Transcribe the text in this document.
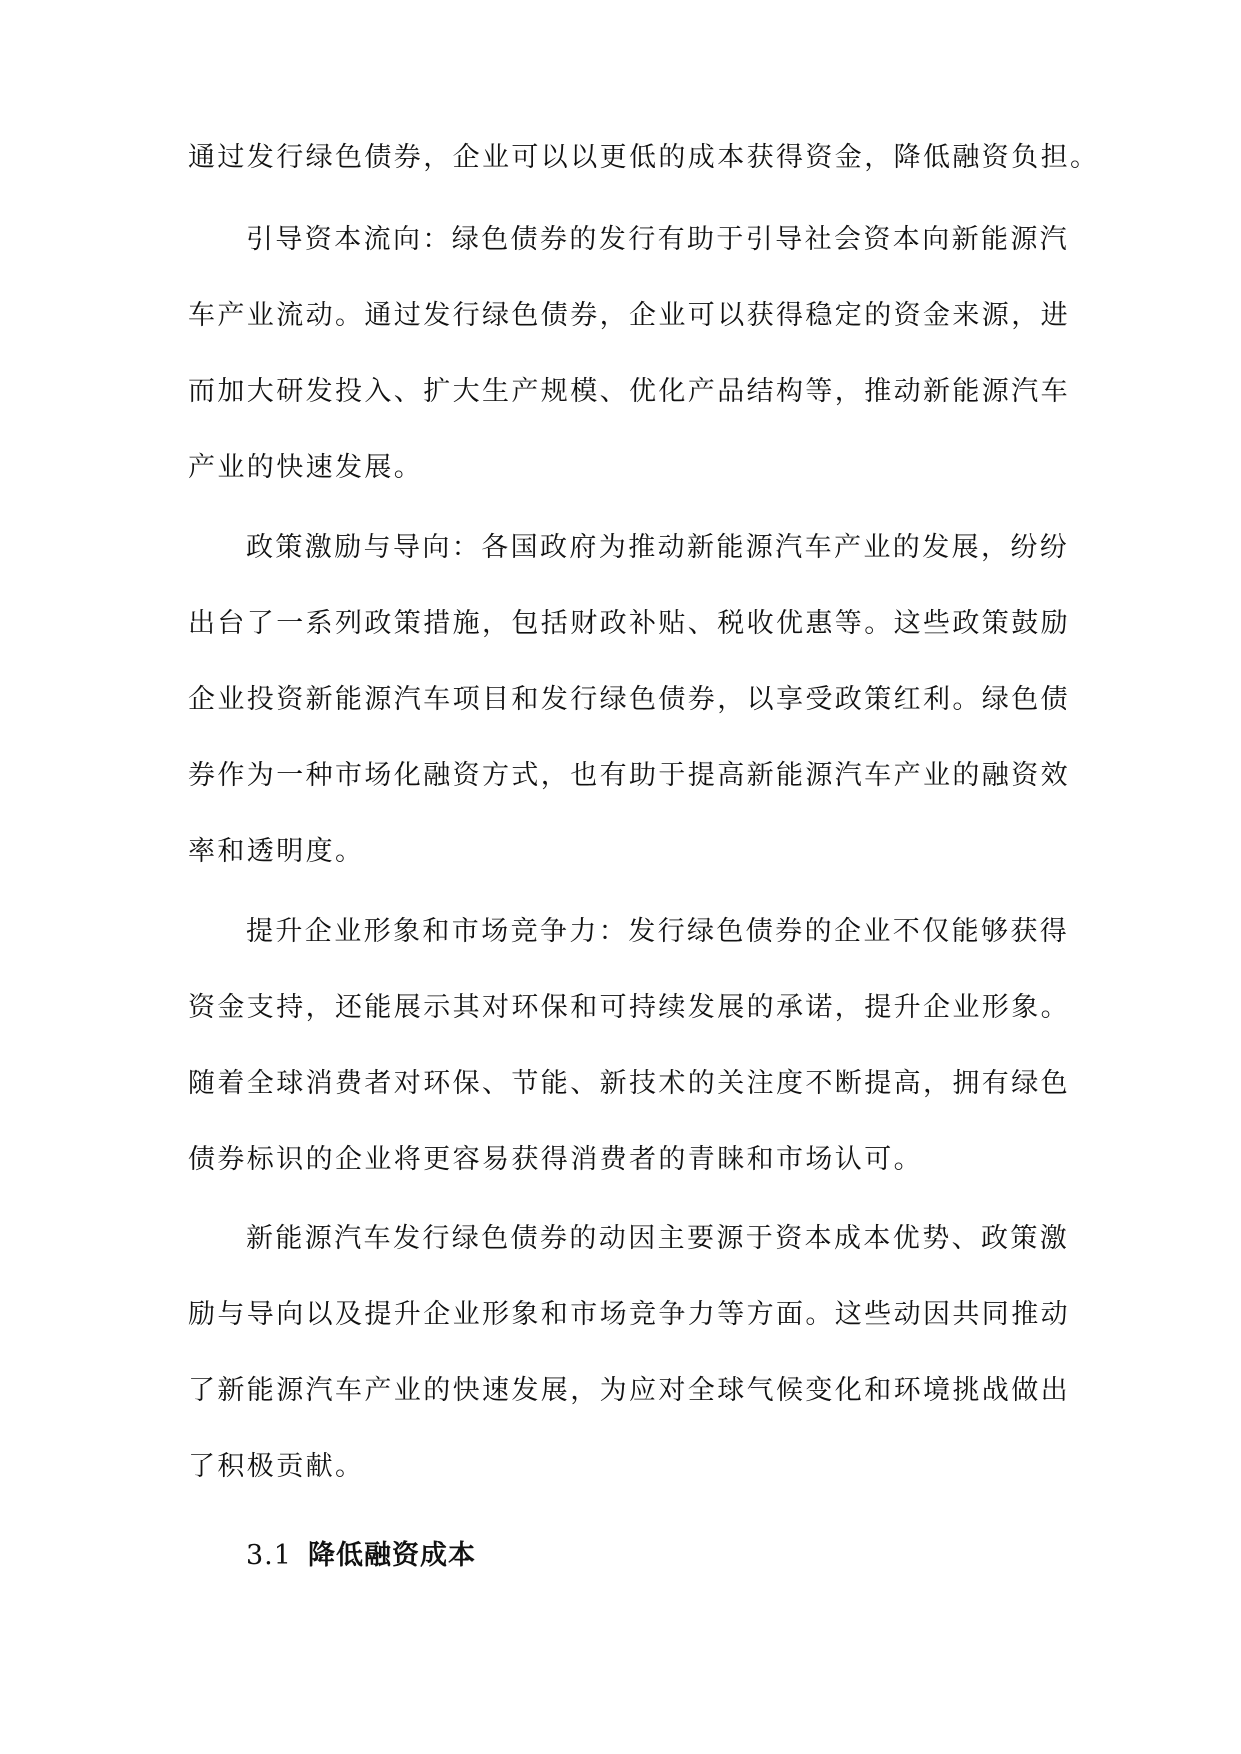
通过发行绿色债券，企业可以以更低的成本获得资金，降低融资负担。
引导资本流向：绿色债券的发行有助于引导社会资本向新能源汽
车产业流动。通过发行绿色债券，企业可以获得稳定的资金来源，进
而加大研发投入、扩大生产规模、优化产品结构等，推动新能源汽车
产业的快速发展。
政策激励与导向：各国政府为推动新能源汽车产业的发展，纷纷
出台了一系列政策措施，包括财政补贴、税收优惠等。这些政策鼓励
企业投资新能源汽车项目和发行绿色债券，以享受政策红利。绿色债
券作为一种市场化融资方式，也有助于提高新能源汽车产业的融资效
率和透明度。
提升企业形象和市场竞争力：发行绿色债券的企业不仅能够获得
资金支持，还能展示其对环保和可持续发展的承诺，提升企业形象。
随着全球消费者对环保、节能、新技术的关注度不断提高，拥有绿色
债券标识的企业将更容易获得消费者的青睐和市场认可。
新能源汽车发行绿色债券的动因主要源于资本成本优势、政策激
励与导向以及提升企业形象和市场竞争力等方面。这些动因共同推动
了新能源汽车产业的快速发展，为应对全球气候变化和环境挑战做出
了积极贡献。
3.1 降低融资成本
